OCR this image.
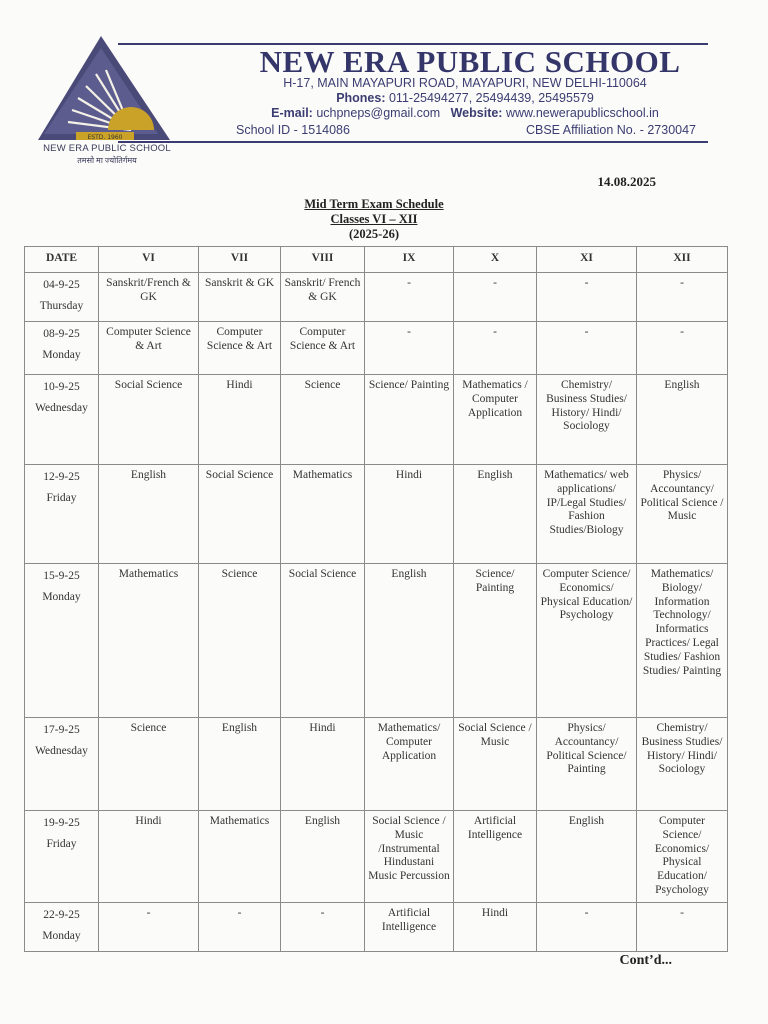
ESTD. 1960
NEW ERA PUBLIC SCHOOL
तमसो मा ज्योतिर्गमय
NEW ERA PUBLIC SCHOOL
H-17, MAIN MAYAPURI ROAD, MAYAPURI, NEW DELHI-110064
Phones: 011-25494277, 25494439, 25495579
E-mail: uchpneps@gmail.com Website: www.newerapublicschool.in
School ID - 1514086	CBSE Affiliation No. - 2730047
14.08.2025
Mid Term Exam Schedule
Classes VI – XII
(2025-26)
DATE	VI	VII	VIII	IX	X	XI	XII

04-9-25
Thursday	Sanskrit/French & GK	Sanskrit & GK	Sanskrit/ French & GK	-	-	-	-

08-9-25
Monday	Computer Science & Art	Computer Science & Art	Computer Science & Art	-	-	-	-

10-9-25
Wednesday	Social Science	Hindi	Science	Science/ Painting	Mathematics / Computer Application	Chemistry/ Business Studies/ History/ Hindi/ Sociology	English

12-9-25
Friday	English	Social Science	Mathematics	Hindi	English	Mathematics/ web applications/ IP/Legal Studies/ Fashion Studies/Biology	Physics/ Accountancy/ Political Science / Music

15-9-25
Monday	Mathematics	Science	Social Science	English	Science/ Painting	Computer Science/ Economics/ Physical Education/ Psychology	Mathematics/ Biology/ Information Technology/ Informatics Practices/ Legal Studies/ Fashion Studies/ Painting

17-9-25
Wednesday	Science	English	Hindi	Mathematics/ Computer Application	Social Science / Music	Physics/ Accountancy/ Political Science/ Painting	Chemistry/ Business Studies/ History/ Hindi/ Sociology

19-9-25
Friday	Hindi	Mathematics	English	Social Science / Music /Instrumental Hindustani Music Percussion	Artificial Intelligence	English	Computer Science/ Economics/ Physical Education/ Psychology

22-9-25
Monday	-	-	-	Artificial Intelligence	Hindi	-	-
Cont’d...
